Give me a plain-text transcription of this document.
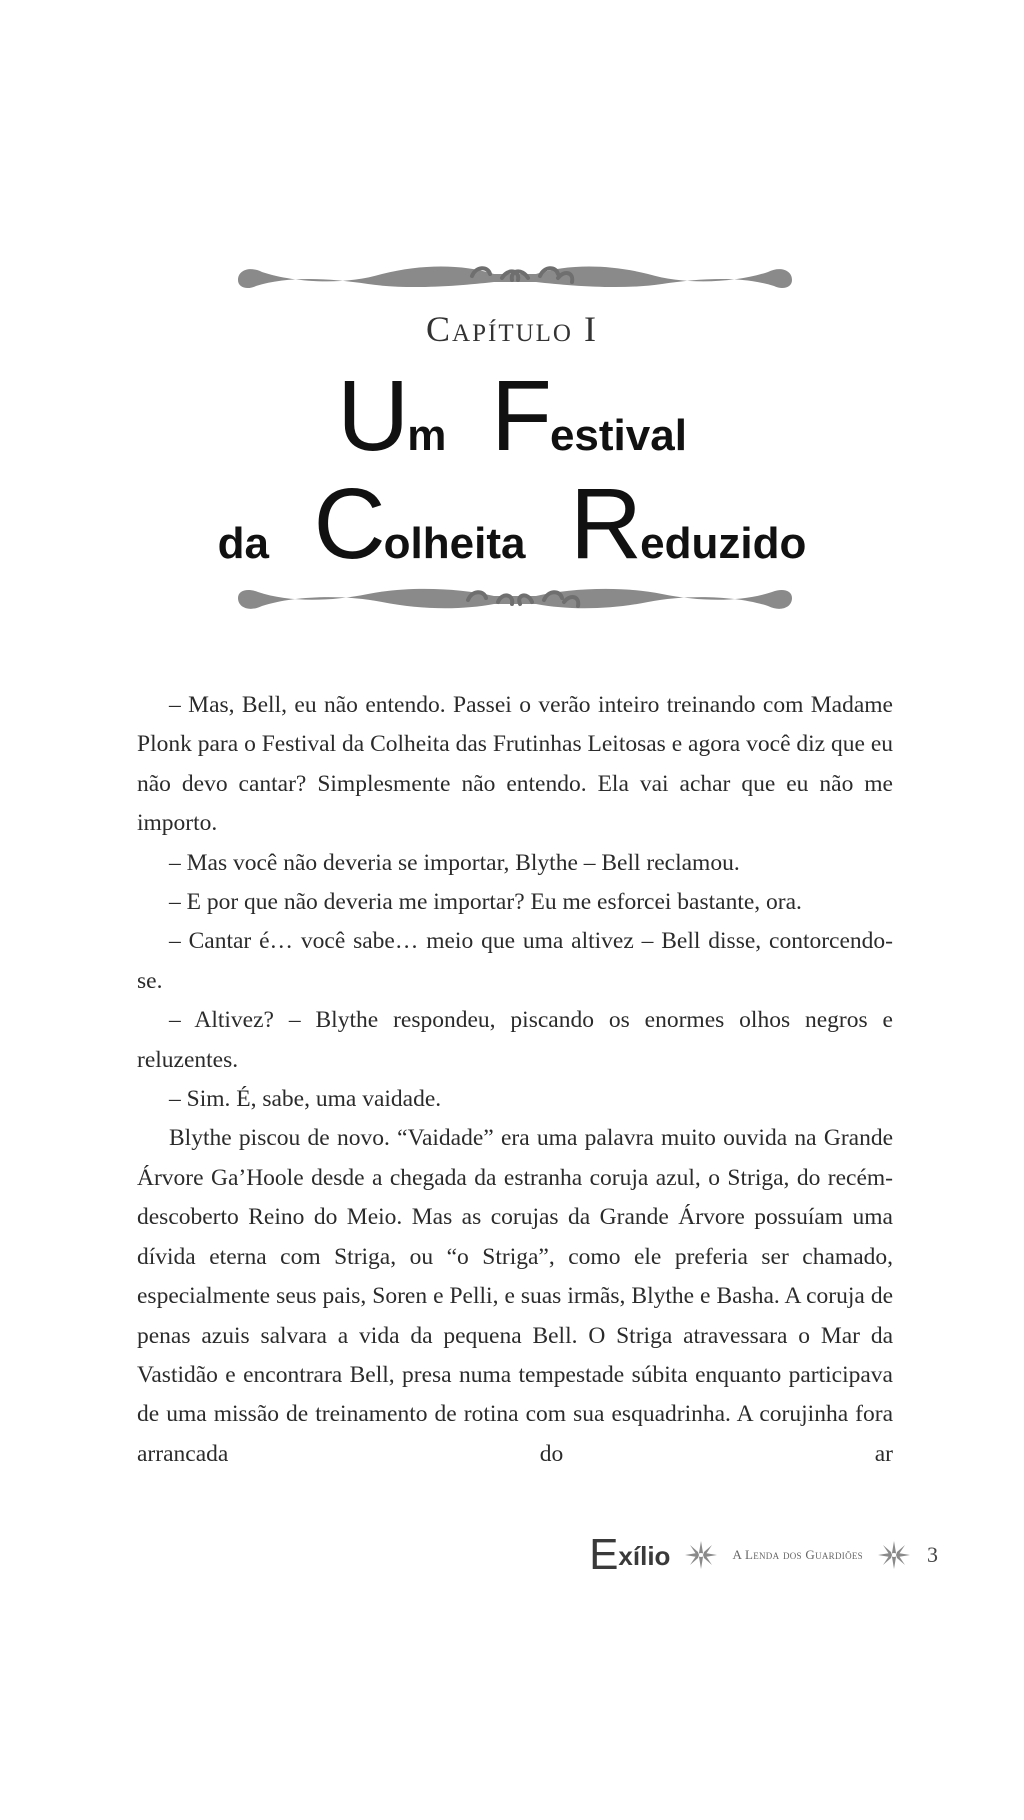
Capítulo I
Um Festival
da Colheita Reduzido

– Mas, Bell, eu não entendo. Passei o verão inteiro treinando com Madame Plonk para o Festival da Colheita das Frutinhas Leitosas e agora você diz que eu não devo cantar? Simplesmente não entendo. Ela vai achar que eu não me importo.

– Mas você não deveria se importar, Blythe – Bell reclamou.

– E por que não deveria me importar? Eu me esforcei bastante, ora.

– Cantar é… você sabe… meio que uma altivez – Bell disse, contorcendo-se.

– Altivez? – Blythe respondeu, piscando os enormes olhos negros e reluzentes.

– Sim. É, sabe, uma vaidade.

Blythe piscou de novo. “Vaidade” era uma palavra muito ouvida na Grande Árvore Ga’Hoole desde a chegada da estranha coruja azul, o Striga, do recém-descoberto Reino do Meio. Mas as corujas da Grande Árvore possuíam uma dívida eterna com Striga, ou “o Striga”, como ele preferia ser chamado, especialmente seus pais, Soren e Pelli, e suas irmãs, Blythe e Basha. A coruja de penas azuis salvara a vida da pequena Bell. O Striga atravessara o Mar da Vastidão e encontrara Bell, presa numa tempestade súbita enquanto participava de uma missão de treinamento de rotina com sua esquadrinha. A corujinha fora arrancada do ar

Exílio	A Lenda dos Guardiões	3
